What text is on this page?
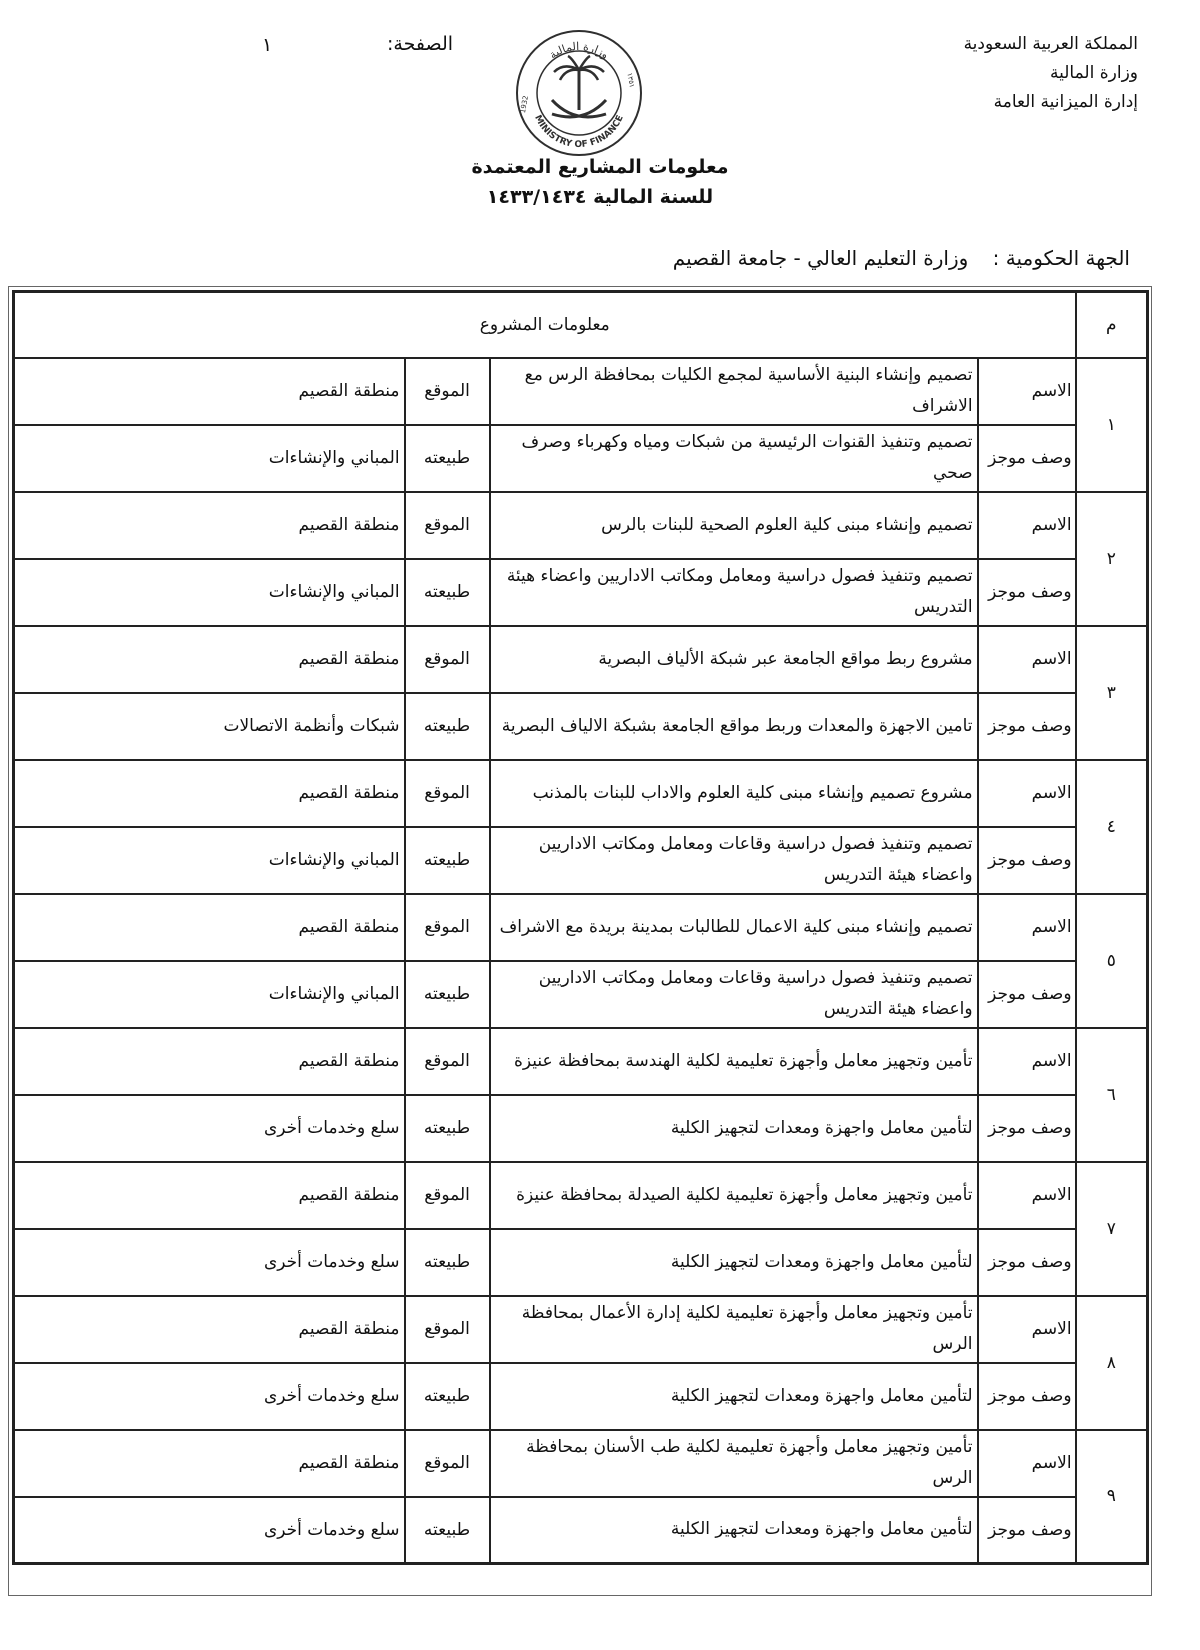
المملكة العربية السعودية
وزارة المالية
إدارة الميزانية العامة
الصفحة:
١	وزارة المالية
MINISTRY OF FINANCE
1932
١٣٥١
معلومات المشاريع المعتمدة
للسنة المالية ١٤٣٣/١٤٣٤
الجهة الحكومية : وزارة التعليم العالي - جامعة القصيم
م	معلومات المشروع			
١	الاسم	تصميم وإنشاء البنية الأساسية لمجمع الكليات بمحافظة الرس مع الاشراف	الموقع	منطقة القصيم
	وصف موجز	تصميم وتنفيذ القنوات الرئيسية من شبكات ومياه وكهرباء وصرف صحي	طبيعته	المباني والإنشاءات
٢	الاسم	تصميم وإنشاء مبنى كلية العلوم الصحية للبنات بالرس	الموقع	منطقة القصيم
	وصف موجز	تصميم وتنفيذ فصول دراسية ومعامل ومكاتب الاداريين واعضاء هيئة التدريس	طبيعته	المباني والإنشاءات
٣	الاسم	مشروع ربط مواقع الجامعة عبر شبكة الألياف البصرية	الموقع	منطقة القصيم
	وصف موجز	تامين الاجهزة والمعدات وربط مواقع الجامعة بشبكة الالياف البصرية	طبيعته	شبكات وأنظمة الاتصالات
٤	الاسم	مشروع تصميم وإنشاء مبنى كلية العلوم والاداب للبنات بالمذنب	الموقع	منطقة القصيم
	وصف موجز	تصميم وتنفيذ فصول دراسية وقاعات ومعامل ومكاتب الاداريين واعضاء هيئة التدريس	طبيعته	المباني والإنشاءات
٥	الاسم	تصميم وإنشاء مبنى كلية الاعمال للطالبات بمدينة بريدة مع الاشراف	الموقع	منطقة القصيم
	وصف موجز	تصميم وتنفيذ فصول دراسية وقاعات ومعامل ومكاتب الاداريين واعضاء هيئة التدريس	طبيعته	المباني والإنشاءات
٦	الاسم	تأمين وتجهيز معامل وأجهزة تعليمية لكلية الهندسة بمحافظة عنيزة	الموقع	منطقة القصيم
	وصف موجز	لتأمين معامل واجهزة ومعدات لتجهيز الكلية	طبيعته	سلع وخدمات أخرى
٧	الاسم	تأمين وتجهيز معامل وأجهزة تعليمية لكلية الصيدلة بمحافظة عنيزة	الموقع	منطقة القصيم
	وصف موجز	لتأمين معامل واجهزة ومعدات لتجهيز الكلية	طبيعته	سلع وخدمات أخرى
٨	الاسم	تأمين وتجهيز معامل وأجهزة تعليمية لكلية إدارة الأعمال بمحافظة الرس	الموقع	منطقة القصيم
	وصف موجز	لتأمين معامل واجهزة ومعدات لتجهيز الكلية	طبيعته	سلع وخدمات أخرى
٩	الاسم	تأمين وتجهيز معامل وأجهزة تعليمية لكلية طب الأسنان بمحافظة الرس	الموقع	منطقة القصيم
	وصف موجز	لتأمين معامل واجهزة ومعدات لتجهيز الكلية	طبيعته	سلع وخدمات أخرى
